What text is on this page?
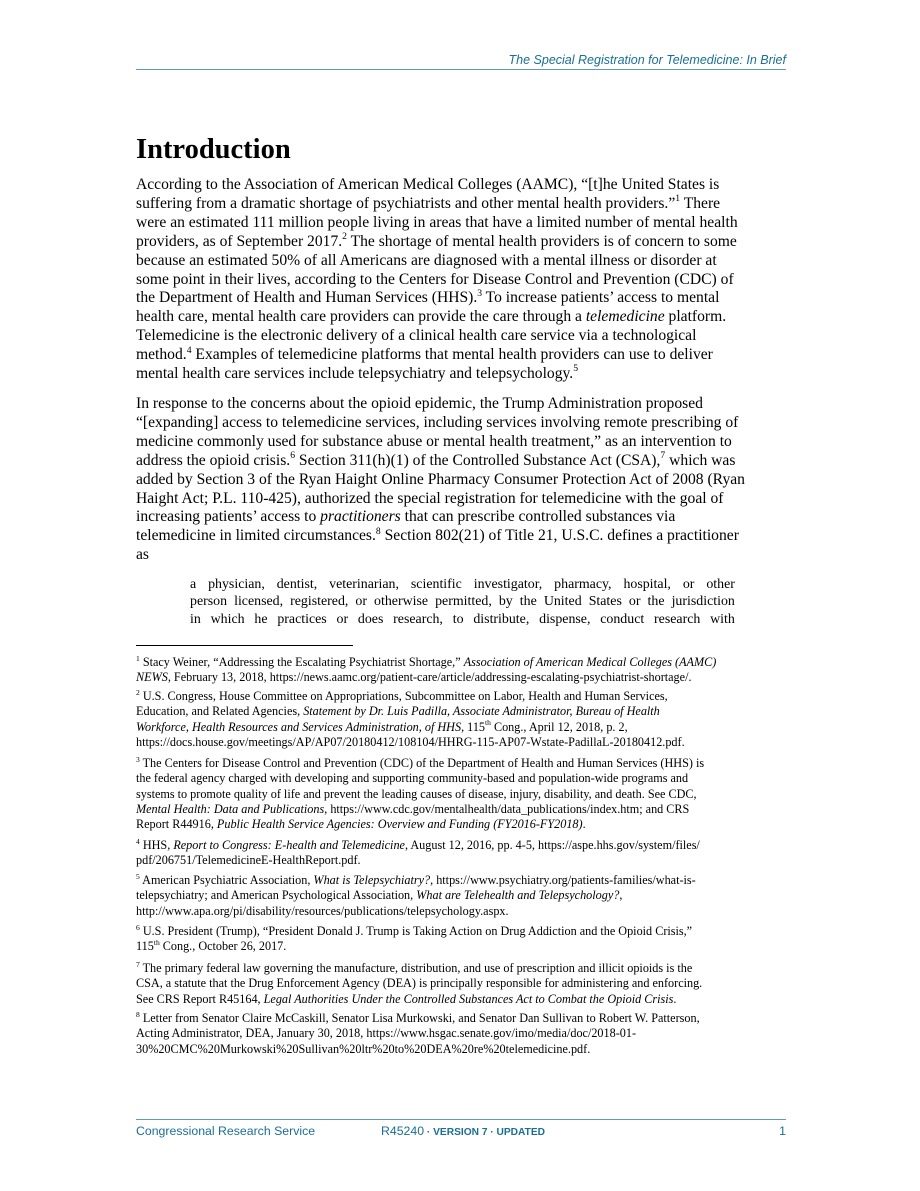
The Special Registration for Telemedicine: In Brief
Introduction
According to the Association of American Medical Colleges (AAMC), “[t]he United States is
suffering from a dramatic shortage of psychiatrists and other mental health providers.”$^1$ There
were an estimated 111 million people living in areas that have a limited number of mental health
providers, as of September 2017.$^2$ The shortage of mental health providers is of concern to some
because an estimated 50% of all Americans are diagnosed with a mental illness or disorder at
some point in their lives, according to the Centers for Disease Control and Prevention (CDC) of
the Department of Health and Human Services (HHS).$^3$ To increase patients’ access to mental
health care, mental health care providers can provide the care through a telemedicine platform.
Telemedicine is the electronic delivery of a clinical health care service via a technological
method.$^4$ Examples of telemedicine platforms that mental health providers can use to deliver
mental health care services include telepsychiatry and telepsychology.$^5$
In response to the concerns about the opioid epidemic, the Trump Administration proposed
“[expanding] access to telemedicine services, including services involving remote prescribing of
medicine commonly used for substance abuse or mental health treatment,” as an intervention to
address the opioid crisis.$^6$ Section 311(h)(1) of the Controlled Substance Act (CSA),$^7$ which was
added by Section 3 of the Ryan Haight Online Pharmacy Consumer Protection Act of 2008 (Ryan
Haight Act; P.L. 110-425), authorized the special registration for telemedicine with the goal of
increasing patients’ access to practitioners that can prescribe controlled substances via
telemedicine in limited circumstances.$^8$ Section 802(21) of Title 21, U.S.C. defines a practitioner
as
a physician, dentist, veterinarian, scientific investigator, pharmacy, hospital, or other
person licensed, registered, or otherwise permitted, by the United States or the jurisdiction
in which he practices or does research, to distribute, dispense, conduct research with
$^1$ Stacy Weiner, “Addressing the Escalating Psychiatrist Shortage,” Association of American Medical Colleges (AAMC)
NEWS, February 13, 2018, https://news.aamc.org/patient-care/article/addressing-escalating-psychiatrist-shortage/.
$^2$ U.S. Congress, House Committee on Appropriations, Subcommittee on Labor, Health and Human Services,
Education, and Related Agencies, Statement by Dr. Luis Padilla, Associate Administrator, Bureau of Health
Workforce, Health Resources and Services Administration, of HHS, 115th Cong., April 12, 2018, p. 2,
https://docs.house.gov/meetings/AP/AP07/20180412/108104/HHRG-115-AP07-Wstate-PadillaL-20180412.pdf.
$^3$ The Centers for Disease Control and Prevention (CDC) of the Department of Health and Human Services (HHS) is
the federal agency charged with developing and supporting community-based and population-wide programs and
systems to promote quality of life and prevent the leading causes of disease, injury, disability, and death. See CDC,
Mental Health: Data and Publications, https://www.cdc.gov/mentalhealth/data_publications/index.htm; and CRS
Report R44916, Public Health Service Agencies: Overview and Funding (FY2016-FY2018).
$^4$ HHS, Report to Congress: E-health and Telemedicine, August 12, 2016, pp. 4-5, https://aspe.hhs.gov/system/files/
pdf/206751/TelemedicineE-HealthReport.pdf.
$^5$ American Psychiatric Association, What is Telepsychiatry?, https://www.psychiatry.org/patients-families/what-is-
telepsychiatry; and American Psychological Association, What are Telehealth and Telepsychology?,
http://www.apa.org/pi/disability/resources/publications/telepsychology.aspx.
$^6$ U.S. President (Trump), “President Donald J. Trump is Taking Action on Drug Addiction and the Opioid Crisis,”
115th Cong., October 26, 2017.
$^7$ The primary federal law governing the manufacture, distribution, and use of prescription and illicit opioids is the
CSA, a statute that the Drug Enforcement Agency (DEA) is principally responsible for administering and enforcing.
See CRS Report R45164, Legal Authorities Under the Controlled Substances Act to Combat the Opioid Crisis.
$^8$ Letter from Senator Claire McCaskill, Senator Lisa Murkowski, and Senator Dan Sullivan to Robert W. Patterson,
Acting Administrator, DEA, January 30, 2018, https://www.hsgac.senate.gov/imo/media/doc/2018-01-
30%20CMC%20Murkowski%20Sullivan%20ltr%20to%20DEA%20re%20telemedicine.pdf.
Congressional Research Service	R45240 · VERSION 7 · UPDATED	1
